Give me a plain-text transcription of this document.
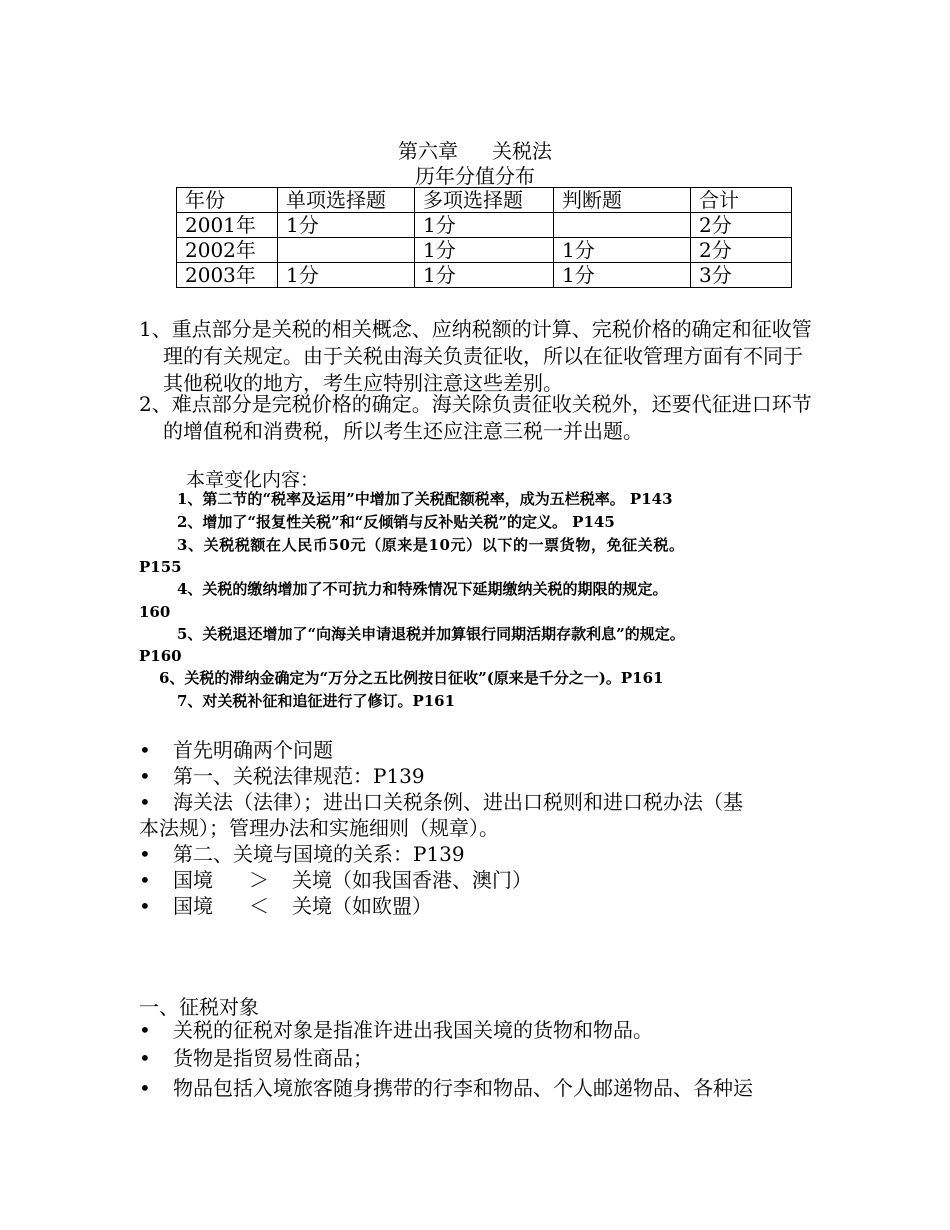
第六章 关税法
历年分值分布
年份	单项选择题	多项选择题	判断题	合计
2001年	1分	1分		2分
2002年		1分	1分	2分
2003年	1分	1分	1分	3分
1、重点部分是关税的相关概念、应纳税额的计算、完税价格的确定和征收管理的有关规定。由于关税由海关负责征收，所以在征收管理方面有不同于其他税收的地方，考生应特别注意这些差别。
2、难点部分是完税价格的确定。海关除负责征收关税外，还要代征进口环节的增值税和消费税，所以考生还应注意三税一并出题。
本章变化内容：
1、第二节的“税率及运用”中增加了关税配额税率，成为五栏税率。 P143
2、增加了“报复性关税”和“反倾销与反补贴关税”的定义。 P145
3、关税税额在人民币50元（原来是10元）以下的一票货物，免征关税。
P155
4、关税的缴纳增加了不可抗力和特殊情况下延期缴纳关税的期限的规定。
160
5、关税退还增加了“向海关申请退税并加算银行同期活期存款利息”的规定。
P160
6、关税的滞纳金确定为“万分之五比例按日征收”(原来是千分之一)。P161
7、对关税补征和追征进行了修订。P161
• 首先明确两个问题
• 第一、关税法律规范：P139
• 海关法（法律）；进出口关税条例、进出口税则和进口税办法（基
本法规）；管理办法和实施细则（规章）。
• 第二、关境与国境的关系：P139
• 国境 ＞ 关境（如我国香港、澳门）
• 国境 ＜ 关境（如欧盟）
一、征税对象
• 关税的征税对象是指准许进出我国关境的货物和物品。
• 货物是指贸易性商品；
• 物品包括入境旅客随身携带的行李和物品、个人邮递物品、各种运
